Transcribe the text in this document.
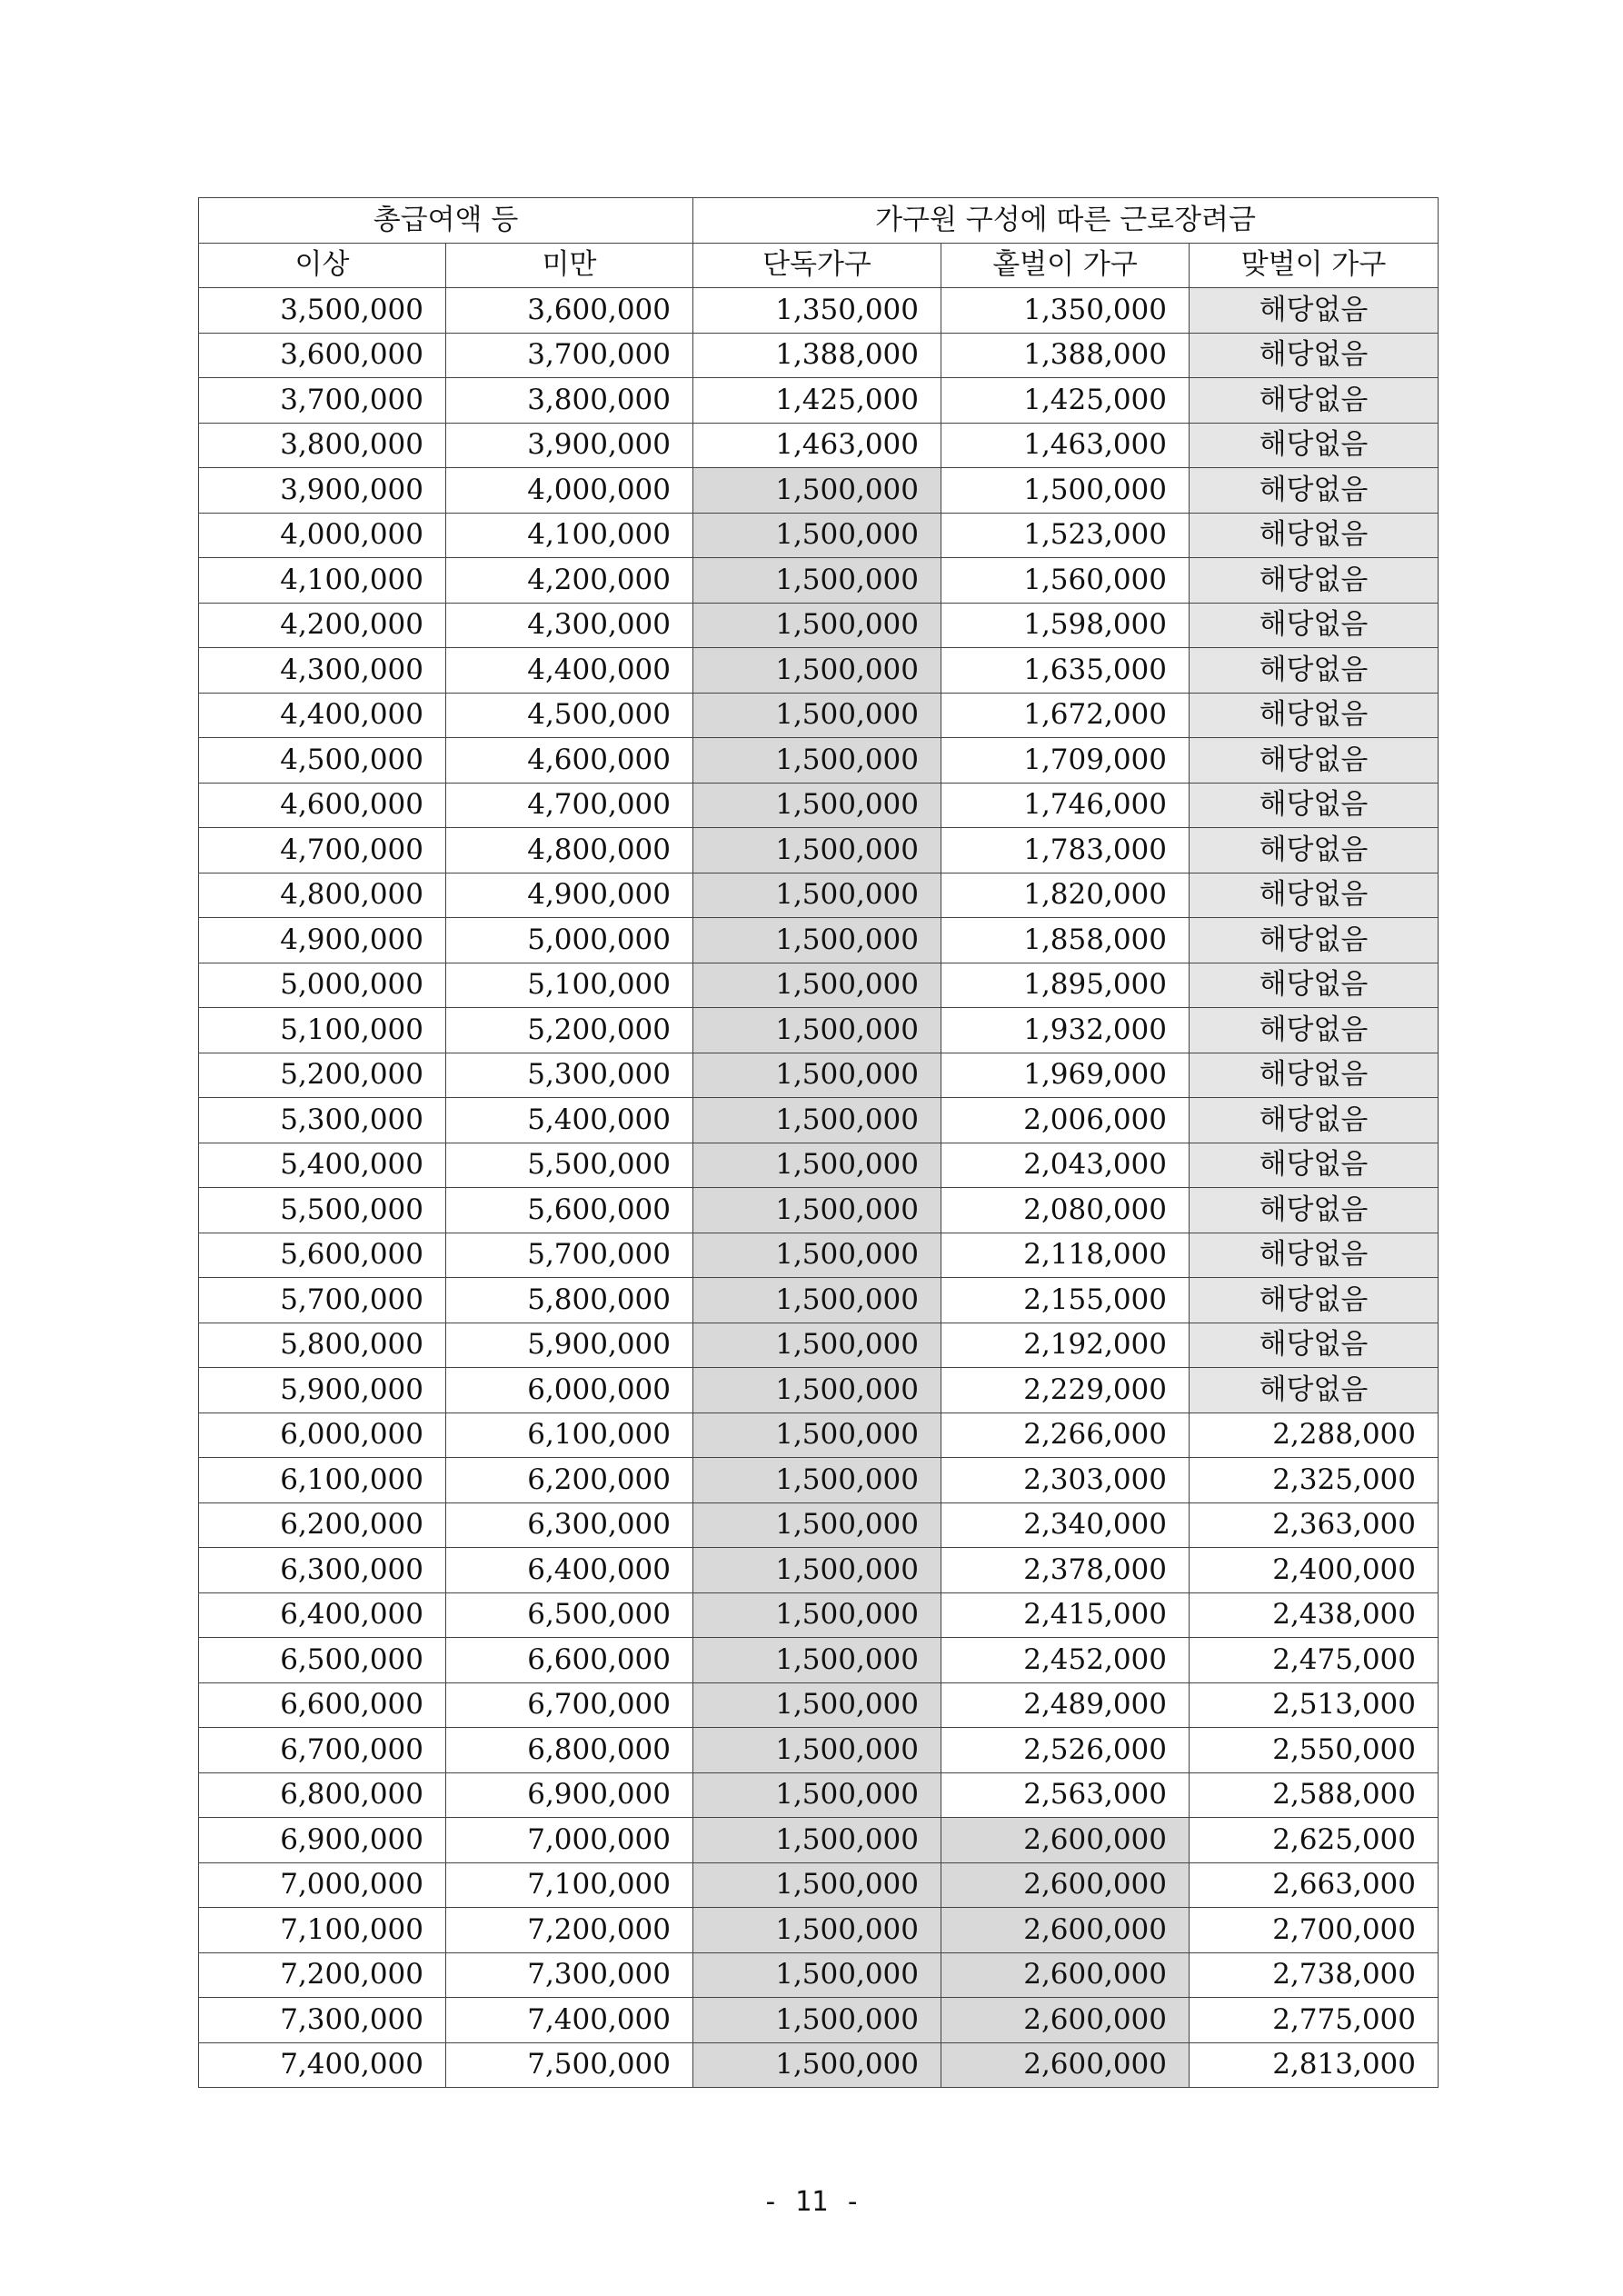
총급여액 등		가구원 구성에 따른 근로장려금		
이상	미만	단독가구	홑벌이 가구	맞벌이 가구
3,500,000	3,600,000	1,350,000	1,350,000	해당없음
3,600,000	3,700,000	1,388,000	1,388,000	해당없음
3,700,000	3,800,000	1,425,000	1,425,000	해당없음
3,800,000	3,900,000	1,463,000	1,463,000	해당없음
3,900,000	4,000,000	1,500,000	1,500,000	해당없음
4,000,000	4,100,000	1,500,000	1,523,000	해당없음
4,100,000	4,200,000	1,500,000	1,560,000	해당없음
4,200,000	4,300,000	1,500,000	1,598,000	해당없음
4,300,000	4,400,000	1,500,000	1,635,000	해당없음
4,400,000	4,500,000	1,500,000	1,672,000	해당없음
4,500,000	4,600,000	1,500,000	1,709,000	해당없음
4,600,000	4,700,000	1,500,000	1,746,000	해당없음
4,700,000	4,800,000	1,500,000	1,783,000	해당없음
4,800,000	4,900,000	1,500,000	1,820,000	해당없음
4,900,000	5,000,000	1,500,000	1,858,000	해당없음
5,000,000	5,100,000	1,500,000	1,895,000	해당없음
5,100,000	5,200,000	1,500,000	1,932,000	해당없음
5,200,000	5,300,000	1,500,000	1,969,000	해당없음
5,300,000	5,400,000	1,500,000	2,006,000	해당없음
5,400,000	5,500,000	1,500,000	2,043,000	해당없음
5,500,000	5,600,000	1,500,000	2,080,000	해당없음
5,600,000	5,700,000	1,500,000	2,118,000	해당없음
5,700,000	5,800,000	1,500,000	2,155,000	해당없음
5,800,000	5,900,000	1,500,000	2,192,000	해당없음
5,900,000	6,000,000	1,500,000	2,229,000	해당없음
6,000,000	6,100,000	1,500,000	2,266,000	2,288,000
6,100,000	6,200,000	1,500,000	2,303,000	2,325,000
6,200,000	6,300,000	1,500,000	2,340,000	2,363,000
6,300,000	6,400,000	1,500,000	2,378,000	2,400,000
6,400,000	6,500,000	1,500,000	2,415,000	2,438,000
6,500,000	6,600,000	1,500,000	2,452,000	2,475,000
6,600,000	6,700,000	1,500,000	2,489,000	2,513,000
6,700,000	6,800,000	1,500,000	2,526,000	2,550,000
6,800,000	6,900,000	1,500,000	2,563,000	2,588,000
6,900,000	7,000,000	1,500,000	2,600,000	2,625,000
7,000,000	7,100,000	1,500,000	2,600,000	2,663,000
7,100,000	7,200,000	1,500,000	2,600,000	2,700,000
7,200,000	7,300,000	1,500,000	2,600,000	2,738,000
7,300,000	7,400,000	1,500,000	2,600,000	2,775,000
7,400,000	7,500,000	1,500,000	2,600,000	2,813,000
- 11 -
